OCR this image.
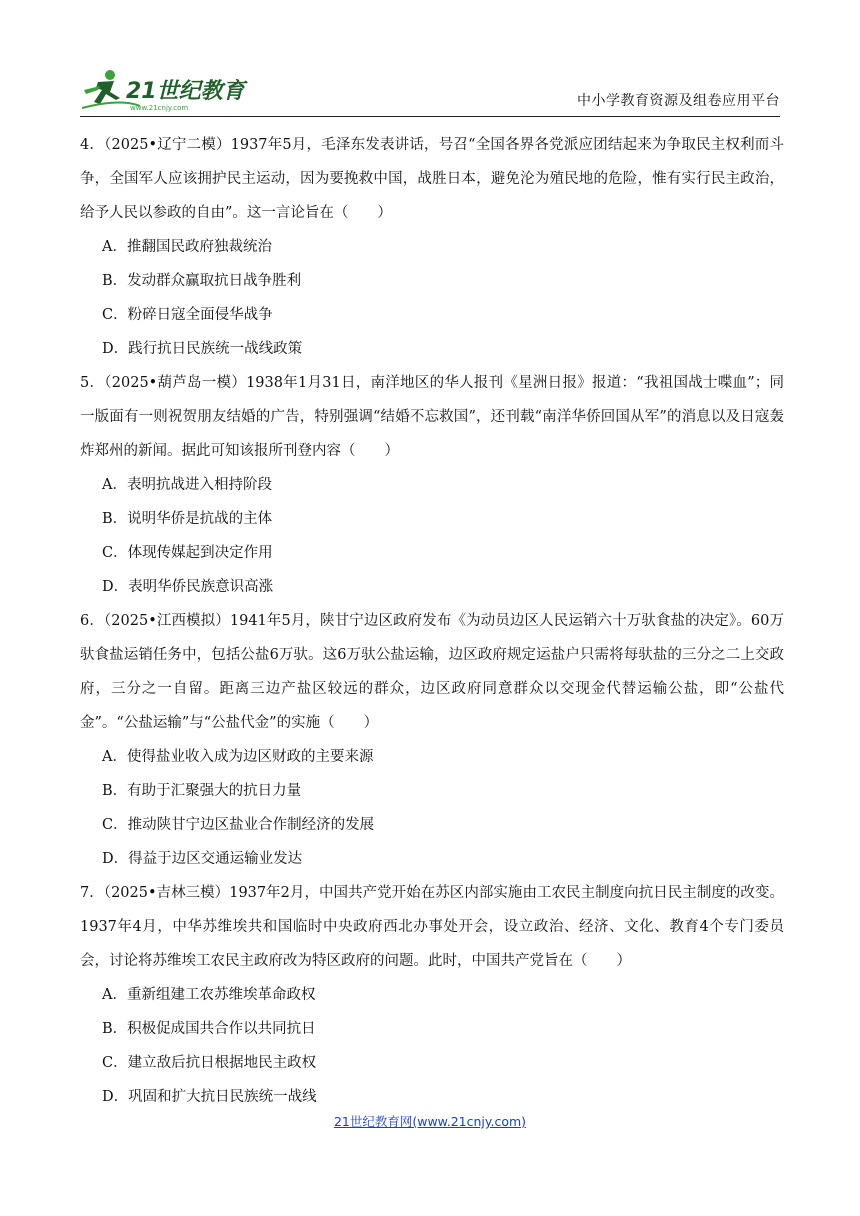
21世纪教育
www.21cnjy.com	中小学教育资源及组卷应用平台

4．（2025•辽宁二模）1937年5月，毛泽东发表讲话，号召“全国各界各党派应团结起来为争取民主权利而斗争，全国军人应该拥护民主运动，因为要挽救中国，战胜日本，避免沦为殖民地的危险，惟有实行民主政治，给予人民以参政的自由”。这一言论旨在（　　）

A．推翻国民政府独裁统治

B．发动群众赢取抗日战争胜利

C．粉碎日寇全面侵华战争

D．践行抗日民族统一战线政策

5．（2025•葫芦岛一模）1938年1月31日，南洋地区的华人报刊《星洲日报》报道：“我祖国战士喋血”；同一版面有一则祝贺朋友结婚的广告，特别强调“结婚不忘救国”，还刊载“南洋华侨回国从军”的消息以及日寇轰炸郑州的新闻。据此可知该报所刊登内容（　　）

A．表明抗战进入相持阶段

B．说明华侨是抗战的主体

C．体现传媒起到决定作用

D．表明华侨民族意识高涨

6．（2025•江西模拟）1941年5月，陕甘宁边区政府发布《为动员边区人民运销六十万驮食盐的决定》。60万驮食盐运销任务中，包括公盐6万驮。这6万驮公盐运输，边区政府规定运盐户只需将每驮盐的三分之二上交政府，三分之一自留。距离三边产盐区较远的群众，边区政府同意群众以交现金代替运输公盐，即“公盐代金”。“公盐运输”与“公盐代金”的实施（　　）

A．使得盐业收入成为边区财政的主要来源

B．有助于汇聚强大的抗日力量

C．推动陕甘宁边区盐业合作制经济的发展

D．得益于边区交通运输业发达

7．（2025•吉林三模）1937年2月，中国共产党开始在苏区内部实施由工农民主制度向抗日民主制度的改变。1937年4月，中华苏维埃共和国临时中央政府西北办事处开会，设立政治、经济、文化、教育4个专门委员会，讨论将苏维埃工农民主政府改为特区政府的问题。此时，中国共产党旨在（　　）

A．重新组建工农苏维埃革命政权

B．积极促成国共合作以共同抗日

C．建立敌后抗日根据地民主政权

D．巩固和扩大抗日民族统一战线

21世纪教育网(www.21cnjy.com)
